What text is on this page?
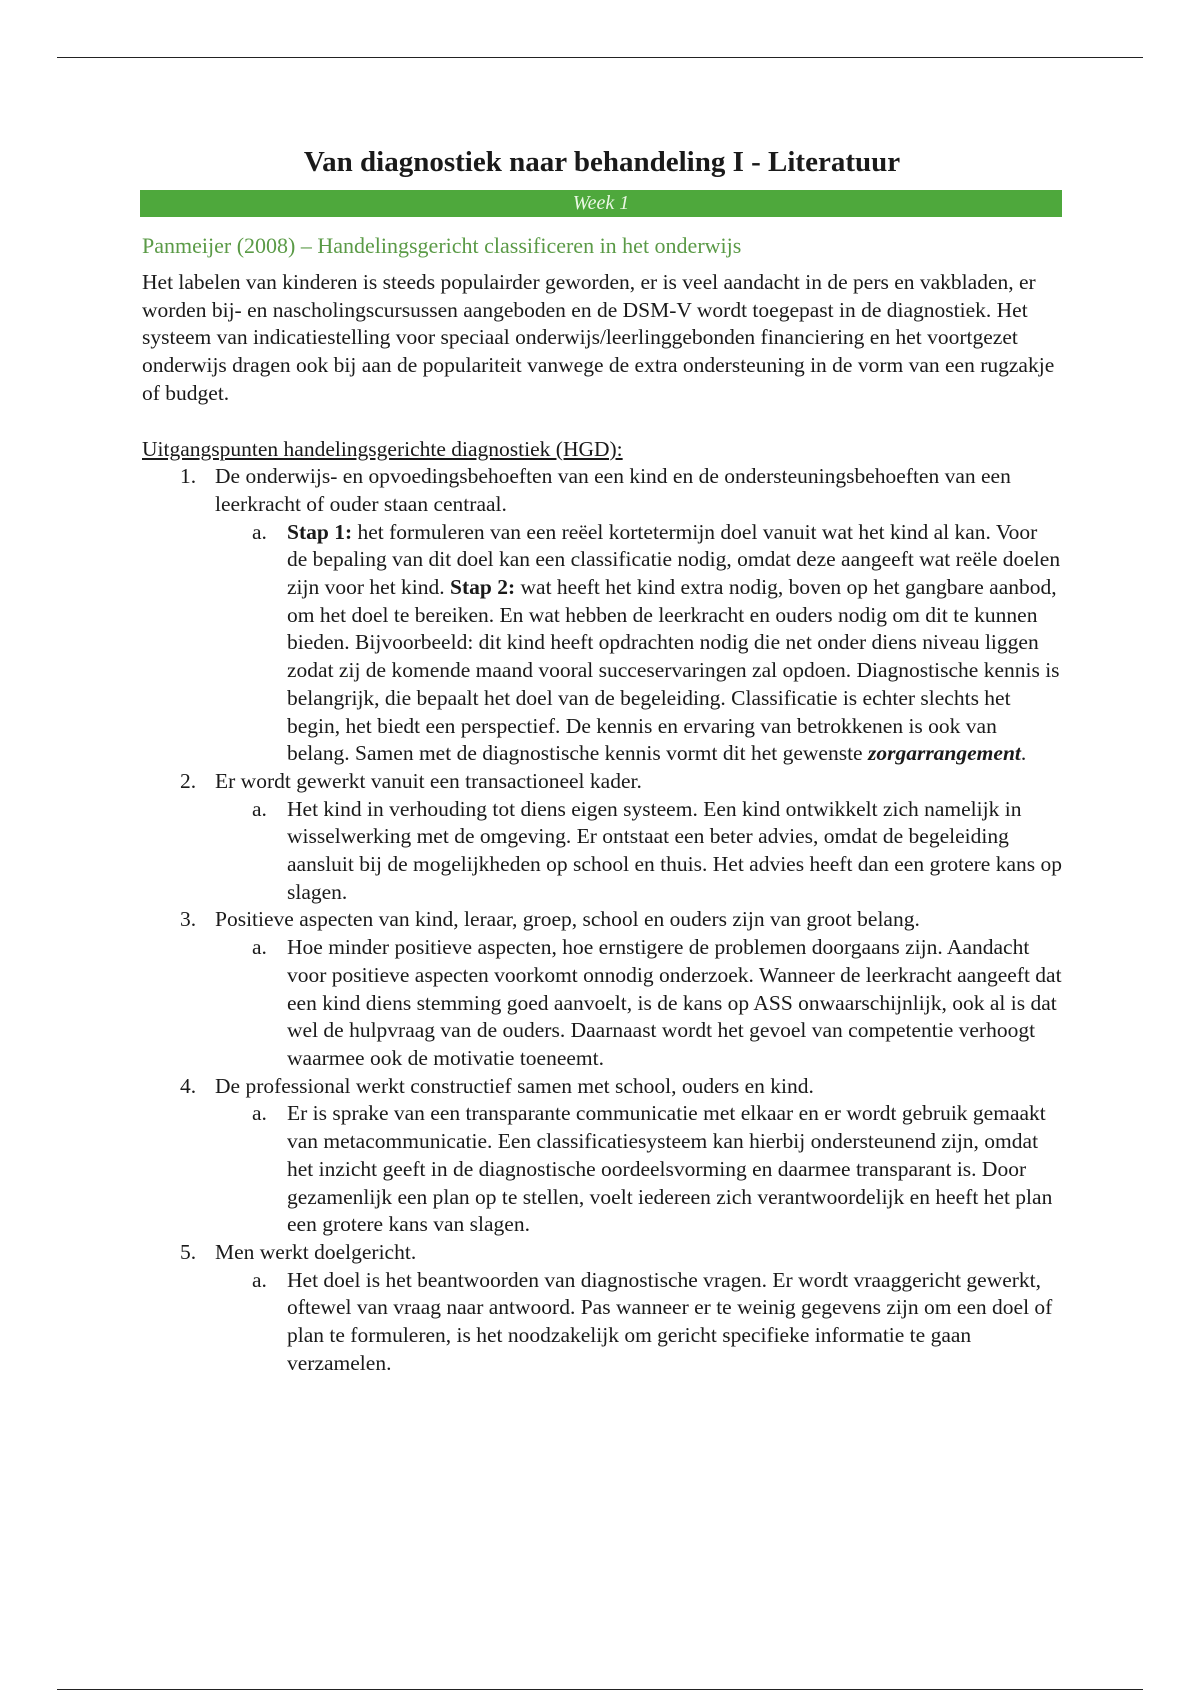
Van diagnostiek naar behandeling I - Literatuur
Week 1
Panmeijer (2008) – Handelingsgericht classificeren in het onderwijs

Het labelen van kinderen is steeds populairder geworden, er is veel aandacht in de pers en vakbladen, er worden bij- en nascholingscursussen aangeboden en de DSM-V wordt toegepast in de diagnostiek. Het systeem van indicatiestelling voor speciaal onderwijs/leerlinggebonden financiering en het voortgezet onderwijs dragen ook bij aan de populariteit vanwege de extra ondersteuning in de vorm van een rugzakje of budget.

Uitgangspunten handelingsgerichte diagnostiek (HGD):
1. De onderwijs- en opvoedingsbehoeften van een kind en de ondersteuningsbehoeften van een leerkracht of ouder staan centraal.
a. Stap 1: het formuleren van een reëel kortetermijn doel vanuit wat het kind al kan. Voor de bepaling van dit doel kan een classificatie nodig, omdat deze aangeeft wat reële doelen zijn voor het kind. Stap 2: wat heeft het kind extra nodig, boven op het gangbare aanbod, om het doel te bereiken. En wat hebben de leerkracht en ouders nodig om dit te kunnen bieden. Bijvoorbeeld: dit kind heeft opdrachten nodig die net onder diens niveau liggen zodat zij de komende maand vooral succeservaringen zal opdoen. Diagnostische kennis is belangrijk, die bepaalt het doel van de begeleiding. Classificatie is echter slechts het begin, het biedt een perspectief. De kennis en ervaring van betrokkenen is ook van belang. Samen met de diagnostische kennis vormt dit het gewenste zorgarrangement.
2. Er wordt gewerkt vanuit een transactioneel kader.
a. Het kind in verhouding tot diens eigen systeem. Een kind ontwikkelt zich namelijk in wisselwerking met de omgeving. Er ontstaat een beter advies, omdat de begeleiding aansluit bij de mogelijkheden op school en thuis. Het advies heeft dan een grotere kans op slagen.
3. Positieve aspecten van kind, leraar, groep, school en ouders zijn van groot belang.
a. Hoe minder positieve aspecten, hoe ernstigere de problemen doorgaans zijn. Aandacht voor positieve aspecten voorkomt onnodig onderzoek. Wanneer de leerkracht aangeeft dat een kind diens stemming goed aanvoelt, is de kans op ASS onwaarschijnlijk, ook al is dat wel de hulpvraag van de ouders. Daarnaast wordt het gevoel van competentie verhoogt waarmee ook de motivatie toeneemt.
4. De professional werkt constructief samen met school, ouders en kind.
a. Er is sprake van een transparante communicatie met elkaar en er wordt gebruik gemaakt van metacommunicatie. Een classificatiesysteem kan hierbij ondersteunend zijn, omdat het inzicht geeft in de diagnostische oordeelsvorming en daarmee transparant is. Door gezamenlijk een plan op te stellen, voelt iedereen zich verantwoordelijk en heeft het plan een grotere kans van slagen.
5. Men werkt doelgericht.
a. Het doel is het beantwoorden van diagnostische vragen. Er wordt vraaggericht gewerkt, oftewel van vraag naar antwoord. Pas wanneer er te weinig gegevens zijn om een doel of plan te formuleren, is het noodzakelijk om gericht specifieke informatie te gaan verzamelen.
